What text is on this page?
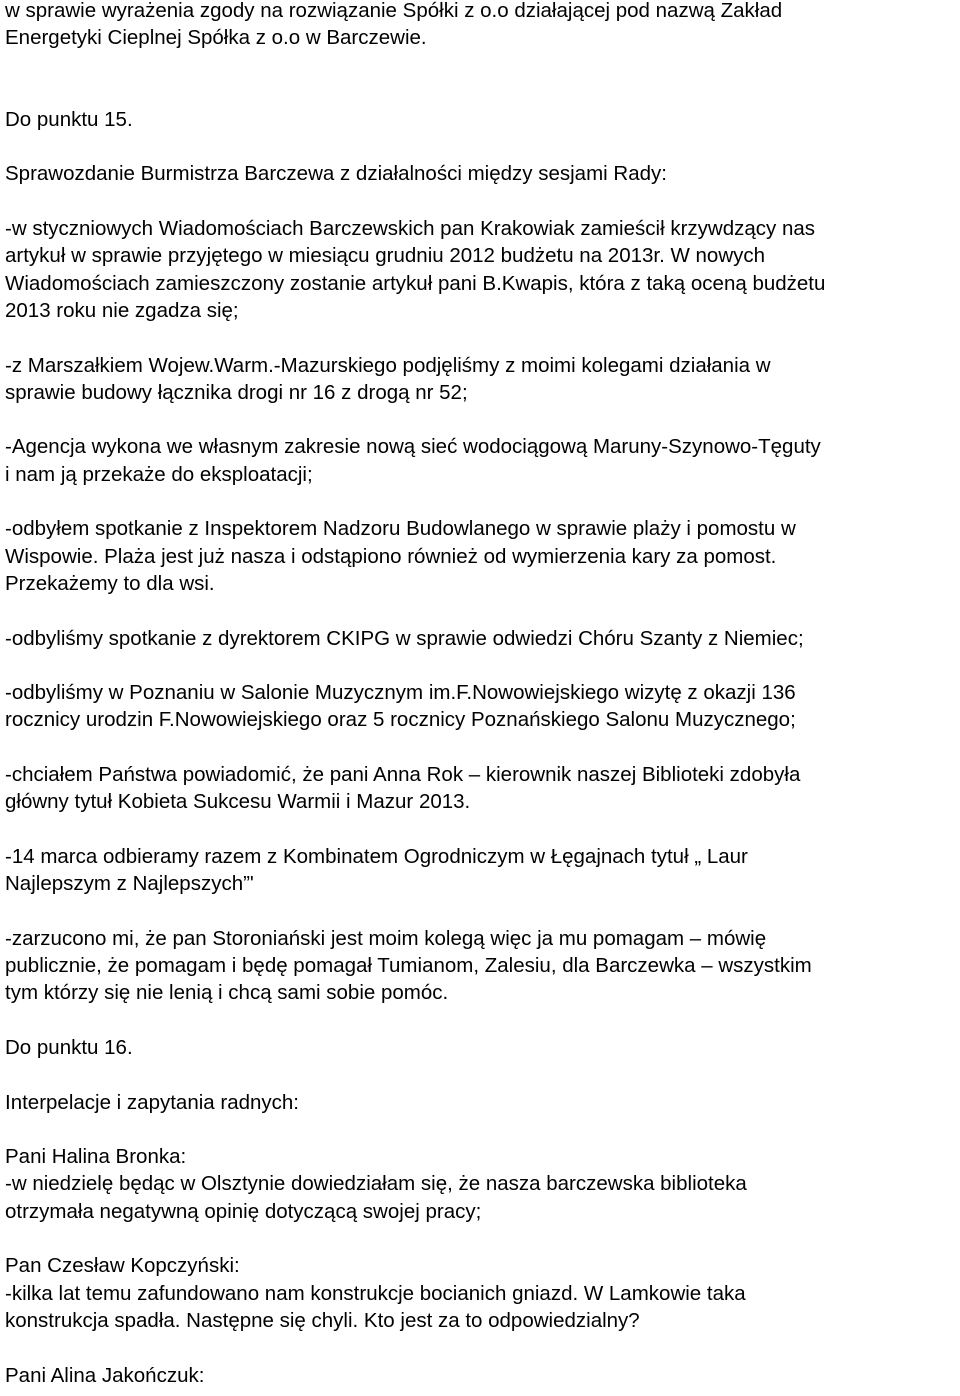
w sprawie wyrażenia zgody na rozwiązanie Spółki z o.o działającej pod nazwą Zakład
Energetyki Cieplnej Spółka z o.o w Barczewie.

Do punktu 15.

Sprawozdanie Burmistrza Barczewa z działalności między sesjami Rady:

-w styczniowych Wiadomościach Barczewskich pan Krakowiak zamieścił krzywdzący nas
artykuł w sprawie przyjętego w miesiącu grudniu 2012 budżetu na 2013r. W nowych
Wiadomościach zamieszczony zostanie artykuł pani B.Kwapis, która z taką oceną budżetu
2013 roku nie zgadza się;

-z Marszałkiem Wojew.Warm.-Mazurskiego podjęliśmy z moimi kolegami działania w
sprawie budowy łącznika drogi nr 16 z drogą nr 52;

-Agencja wykona we własnym zakresie nową sieć wodociągową Maruny-Szynowo-Tęguty
i nam ją przekaże do eksploatacji;

-odbyłem spotkanie z Inspektorem Nadzoru Budowlanego w sprawie plaży i pomostu w
Wispowie. Plaża jest już nasza i odstąpiono również od wymierzenia kary za pomost.
Przekażemy to dla wsi.

-odbyliśmy spotkanie z dyrektorem CKIPG w sprawie odwiedzi Chóru Szanty z Niemiec;

-odbyliśmy w Poznaniu w Salonie Muzycznym im.F.Nowowiejskiego wizytę z okazji 136
rocznicy urodzin F.Nowowiejskiego oraz 5 rocznicy Poznańskiego Salonu Muzycznego;

-chciałem Państwa powiadomić, że pani Anna Rok – kierownik naszej Biblioteki zdobyła
główny tytuł Kobieta Sukcesu Warmii i Mazur 2013.

-14 marca odbieramy razem z Kombinatem Ogrodniczym w Łęgajnach tytuł „ Laur
Najlepszym z Najlepszych”'

-zarzucono mi, że pan Storoniański jest moim kolegą więc ja mu pomagam – mówię
publicznie, że pomagam i będę pomagał Tumianom, Zalesiu, dla Barczewka – wszystkim
tym którzy się nie lenią i chcą sami sobie pomóc.

Do punktu 16.

Interpelacje i zapytania radnych:

Pani Halina Bronka:
-w niedzielę będąc w Olsztynie dowiedziałam się, że nasza barczewska biblioteka
otrzymała negatywną opinię dotyczącą swojej pracy;

Pan Czesław Kopczyński:
-kilka lat temu zafundowano nam konstrukcje bocianich gniazd. W Lamkowie taka
konstrukcja spadła. Następne się chyli. Kto jest za to odpowiedzialny?

Pani Alina Jakończuk:
